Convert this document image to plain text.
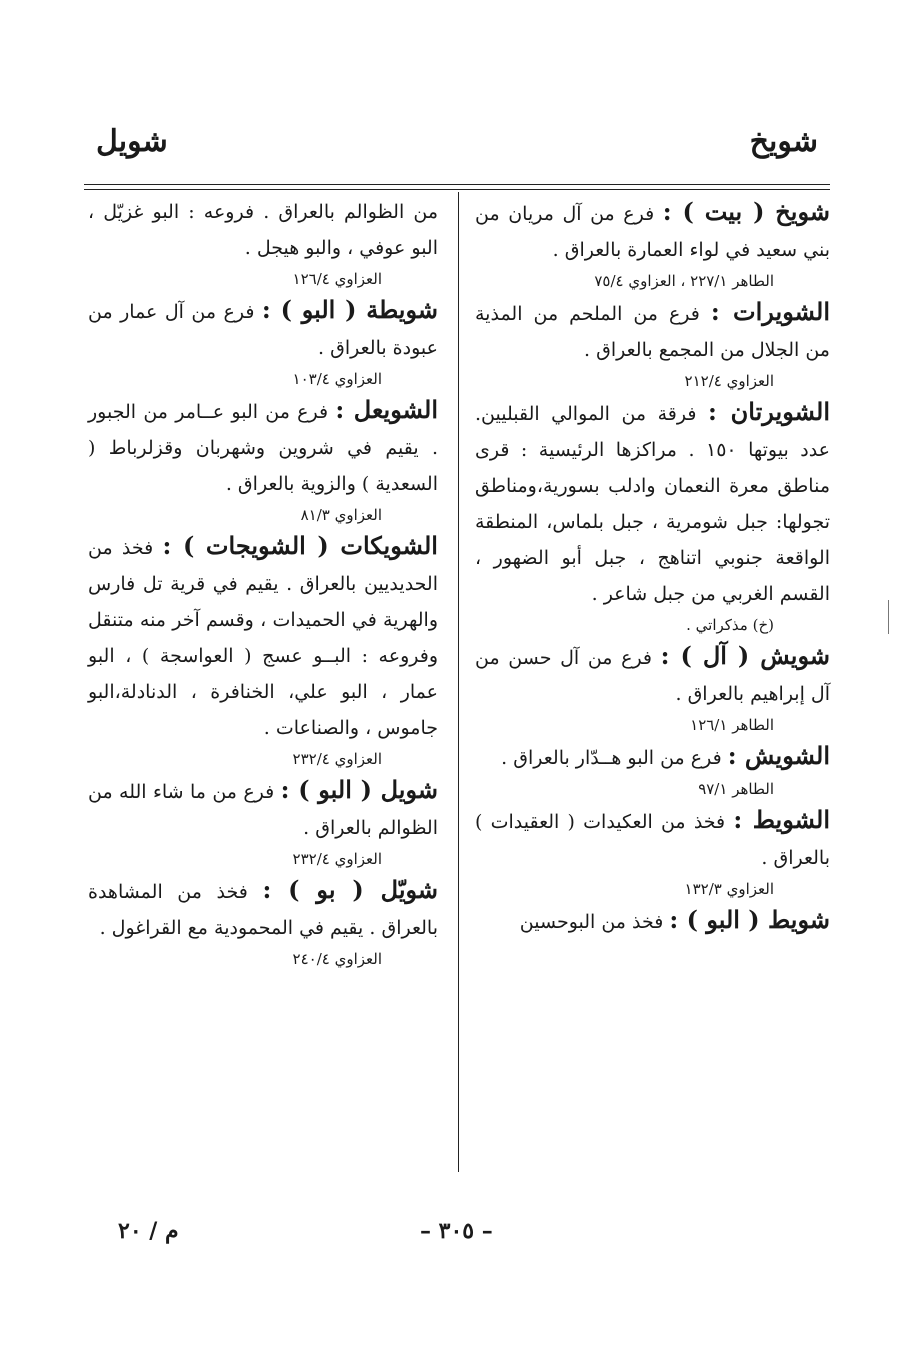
شويخ
شويل

شويخ ( بيت ) : فرع من آل مريان من بني سعيد في لواء العمارة بالعراق .

الطاهر ٢٢٧/١ ، العزاوي ٧٥/٤

الشويرات : فرع من الملحم من المذية من الجلال من المجمع بالعراق .

العزاوي ٢١٢/٤

الشويرتان : فرقة من الموالي القبليين. عدد بيوتها ١٥٠ . مراكزها الرئيسية : قرى مناطق معرة النعمان وادلب بسورية،ومناطق تجولها: جبل شومرية ، جبل بلماس، المنطقة الواقعة جنوبي اتناهج ، جبل أبو الضهور ، القسم الغربي من جبل شاعر .

(خ) مذكراتي .

شويش ( آل ) : فرع من آل حسن من آل إبراهيم بالعراق .

الطاهر ١٢٦/١

الشويش : فرع من البو هــدّار بالعراق .

الطاهر ٩٧/١

الشويط : فخذ من العكيدات ( العقيدات ) بالعراق .

العزاوي ١٣٢/٣

شويط ( البو ) : فخذ من البوحسين

من الظوالم بالعراق . فروعه : البو غزيّل ، البو عوفي ، والبو هيجل .

العزاوي ١٢٦/٤

شويطة ( البو ) : فرع من آل عمار من عبودة بالعراق .

العزاوي ١٠٣/٤

الشويعل : فرع من البو عــامر من الجبور . يقيم في شروين وشهربان وقزلرباط ( السعدية ) والزوية بالعراق .

العزاوي ٨١/٣

الشويكات ( الشويجات ) : فخذ من الحديديين بالعراق . يقيم في قرية تل فارس والهرية في الحميدات ، وقسم آخر منه متنقل وفروعه : البــو عسج ( العواسجة ) ، البو عمار ، البو علي، الخنافرة ، الدنادلة،البو جاموس ، والصناعات .

العزاوي ٢٣٢/٤

شويل ( البو ) : فرع من ما شاء الله من الظوالم بالعراق .

العزاوي ٢٣٢/٤

شويّل ( بو ) : فخذ من المشاهدة بالعراق . يقيم في المحمودية مع القراغول .

العزاوي ٢٤٠/٤
– ٣٠٥ –
م / ٢٠
